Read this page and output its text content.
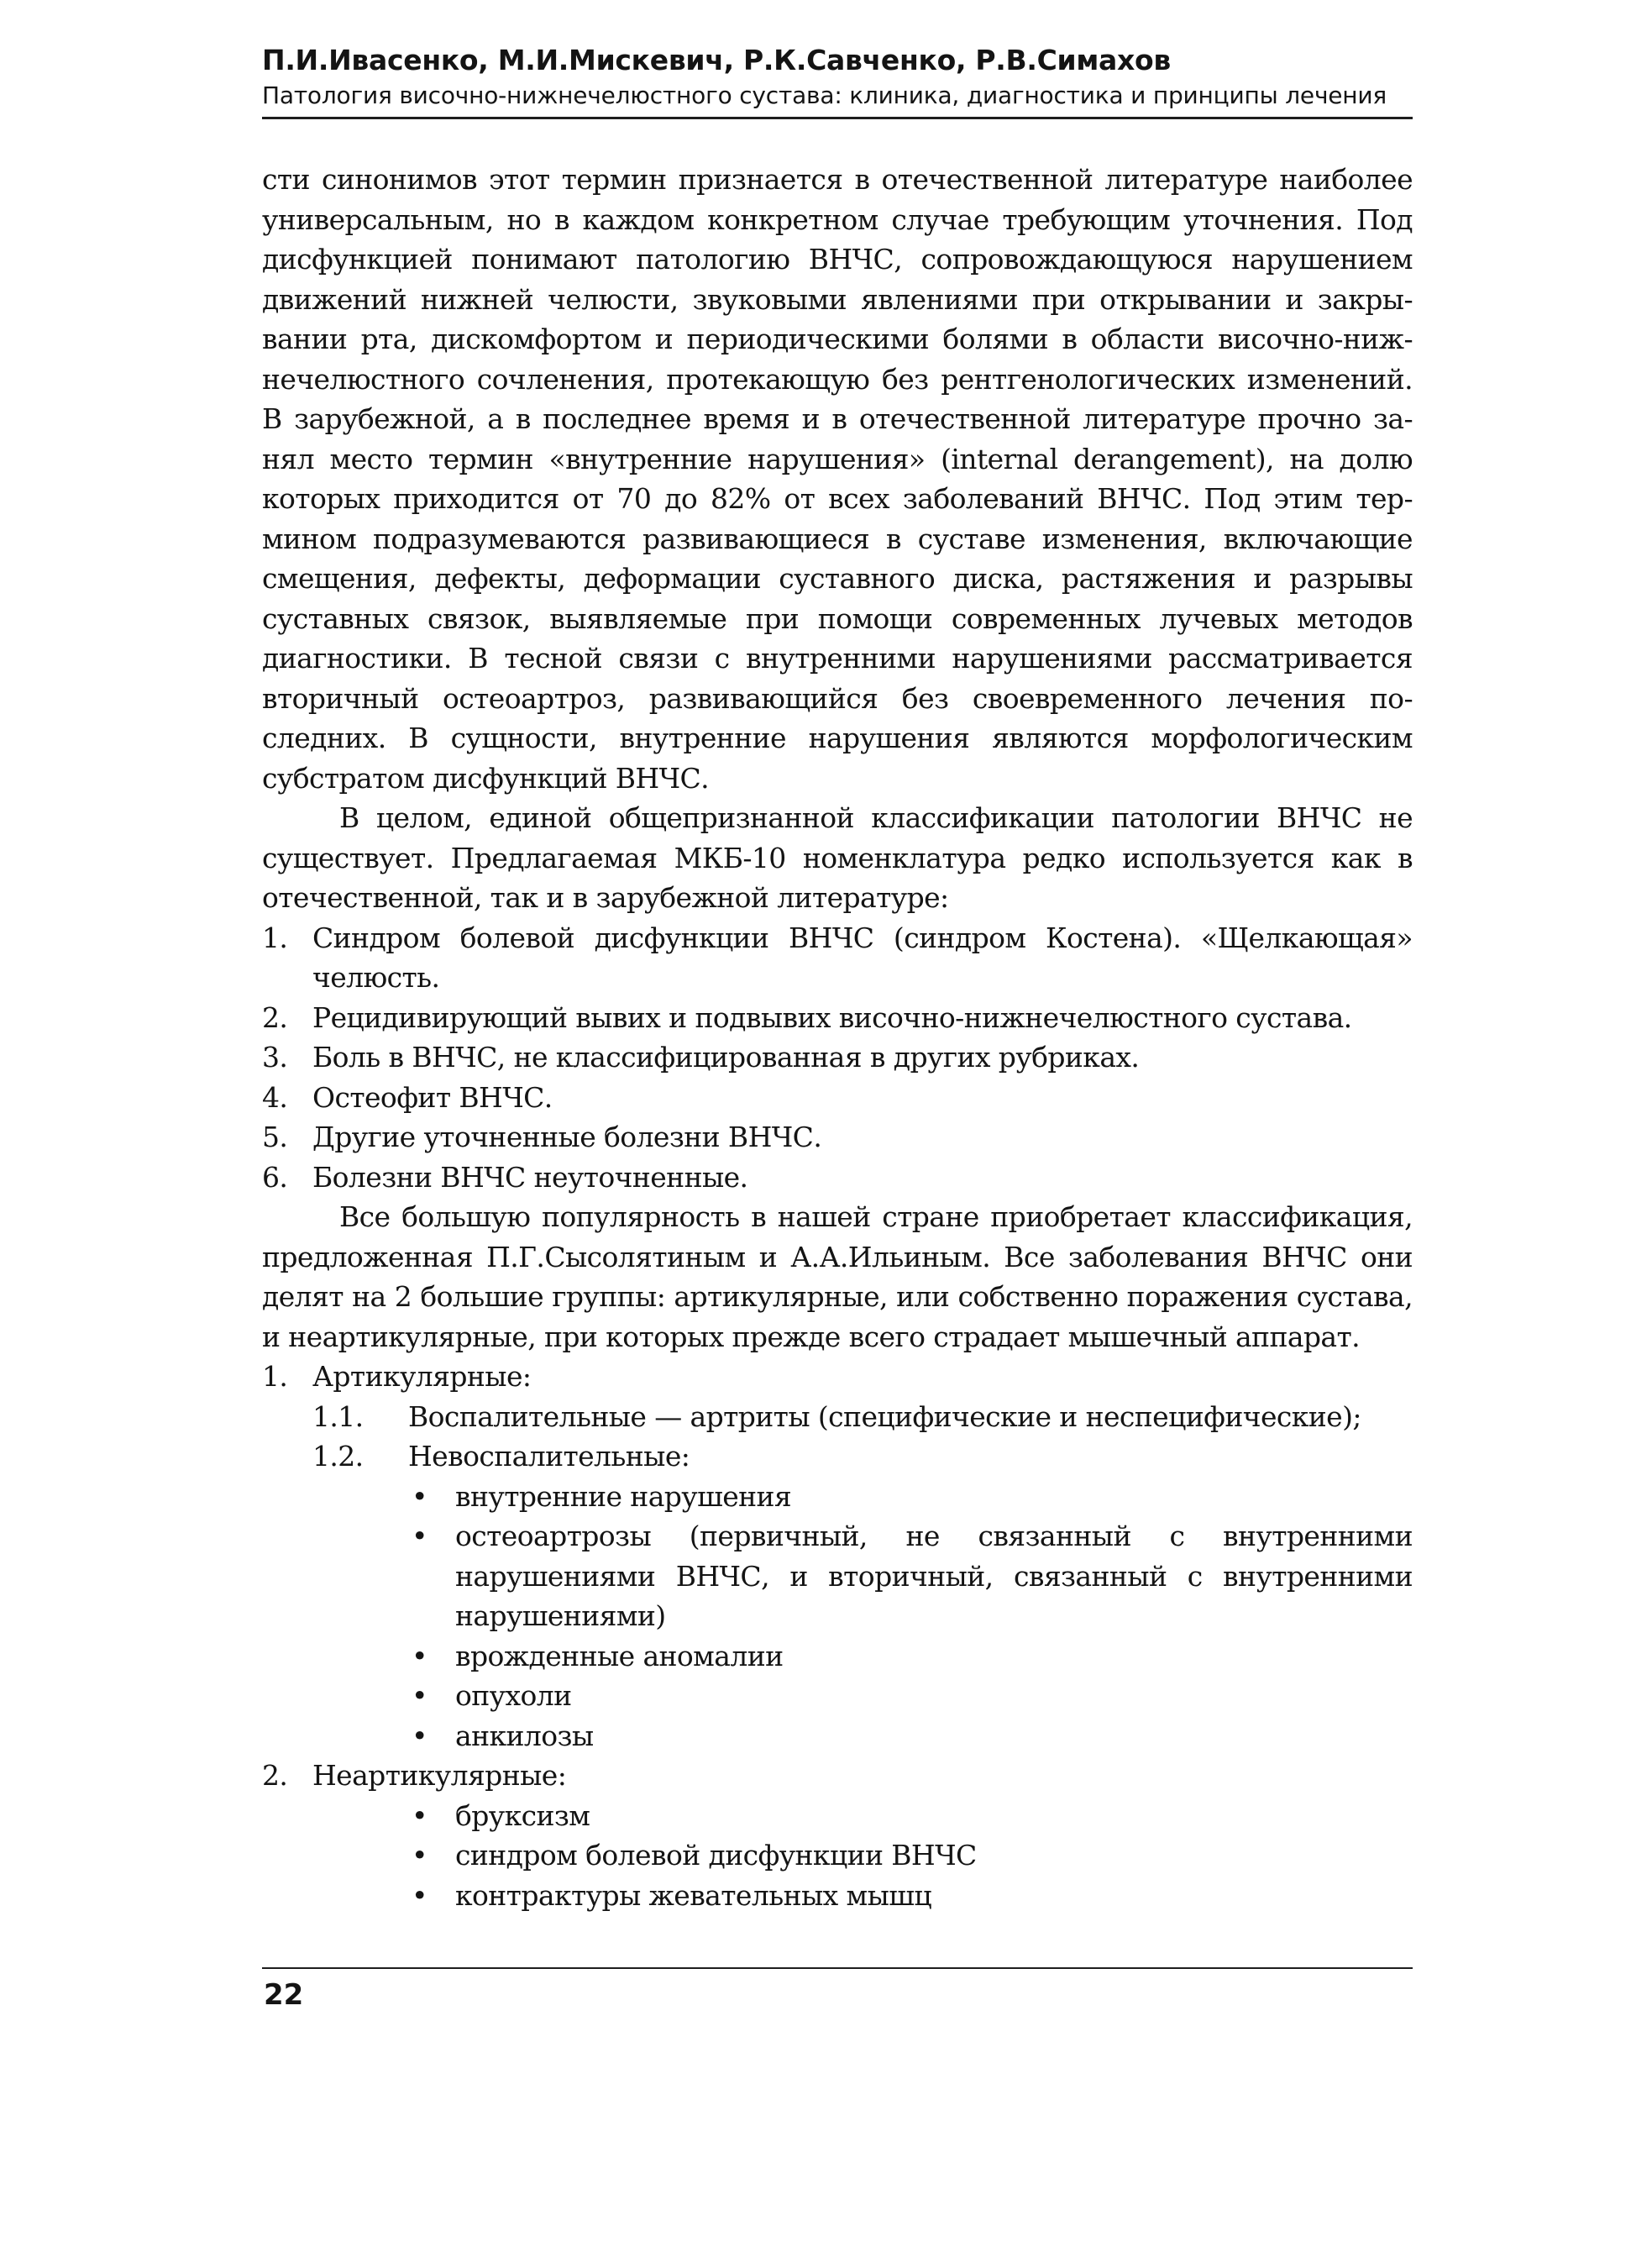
П.И.Ивасенко, М.И.Мискевич, Р.К.Савченко, Р.В.Симахов
Патология височно-нижнечелюстного сустава: клиника, диагностика и принципы лечения
сти синонимов этот термин признается в отечественной литературе наиболее
универсальным, но в каждом конкретном случае требующим уточнения. Под
дисфункцией понимают патологию ВНЧС, сопровождающуюся нарушением
движений нижней челюсти, звуковыми явлениями при открывании и закры-
вании рта, дискомфортом и периодическими болями в области височно-ниж-
нечелюстного сочленения, протекающую без рентгенологических изменений.
В зарубежной, а в последнее время и в отечественной литературе прочно за-
нял место термин «внутренние нарушения» (internal derangement), на долю
которых приходится от 70 до 82% от всех заболеваний ВНЧС. Под этим тер-
мином подразумеваются развивающиеся в суставе изменения, включающие
смещения, дефекты, деформации суставного диска, растяжения и разрывы
суставных связок, выявляемые при помощи современных лучевых методов
диагностики. В тесной связи с внутренними нарушениями рассматривается
вторичный остеоартроз, развивающийся без своевременного лечения по-
следних. В сущности, внутренние нарушения являются морфологическим
субстратом дисфункций ВНЧС.

В целом, единой общепризнанной классификации патологии ВНЧС не существует. Предлагаемая МКБ-10 номенклатура редко используется как в отечественной, так и в зарубежной литературе:

1. Синдром болевой дисфункции ВНЧС (синдром Костена). «Щелкающая» челюсть.
2. Рецидивирующий вывих и подвывих височно-нижнечелюстного сустава.
3. Боль в ВНЧС, не классифицированная в других рубриках.
4. Остеофит ВНЧС.
5. Другие уточненные болезни ВНЧС.
6. Болезни ВНЧС неуточненные.

Все большую популярность в нашей стране приобретает классификация, предложенная П.Г.Сысолятиным и А.А.Ильиным. Все заболевания ВНЧС они делят на 2 большие группы: артикулярные, или собственно поражения сустава, и неартикулярные, при которых прежде всего страдает мышечный аппарат.

1. Артикулярные:
1.1. Воспалительные — артриты (специфические и неспецифические);
1.2. Невоспалительные:
• внутренние нарушения
• остеоартрозы (первичный, не связанный с внутренними
нарушениями ВНЧС, и вторичный, связанный с внутренними
нарушениями)
• врожденные аномалии
• опухоли
• анкилозы
2. Неартикулярные:
• бруксизм
• синдром болевой дисфункции ВНЧС
• контрактуры жевательных мышц
22
